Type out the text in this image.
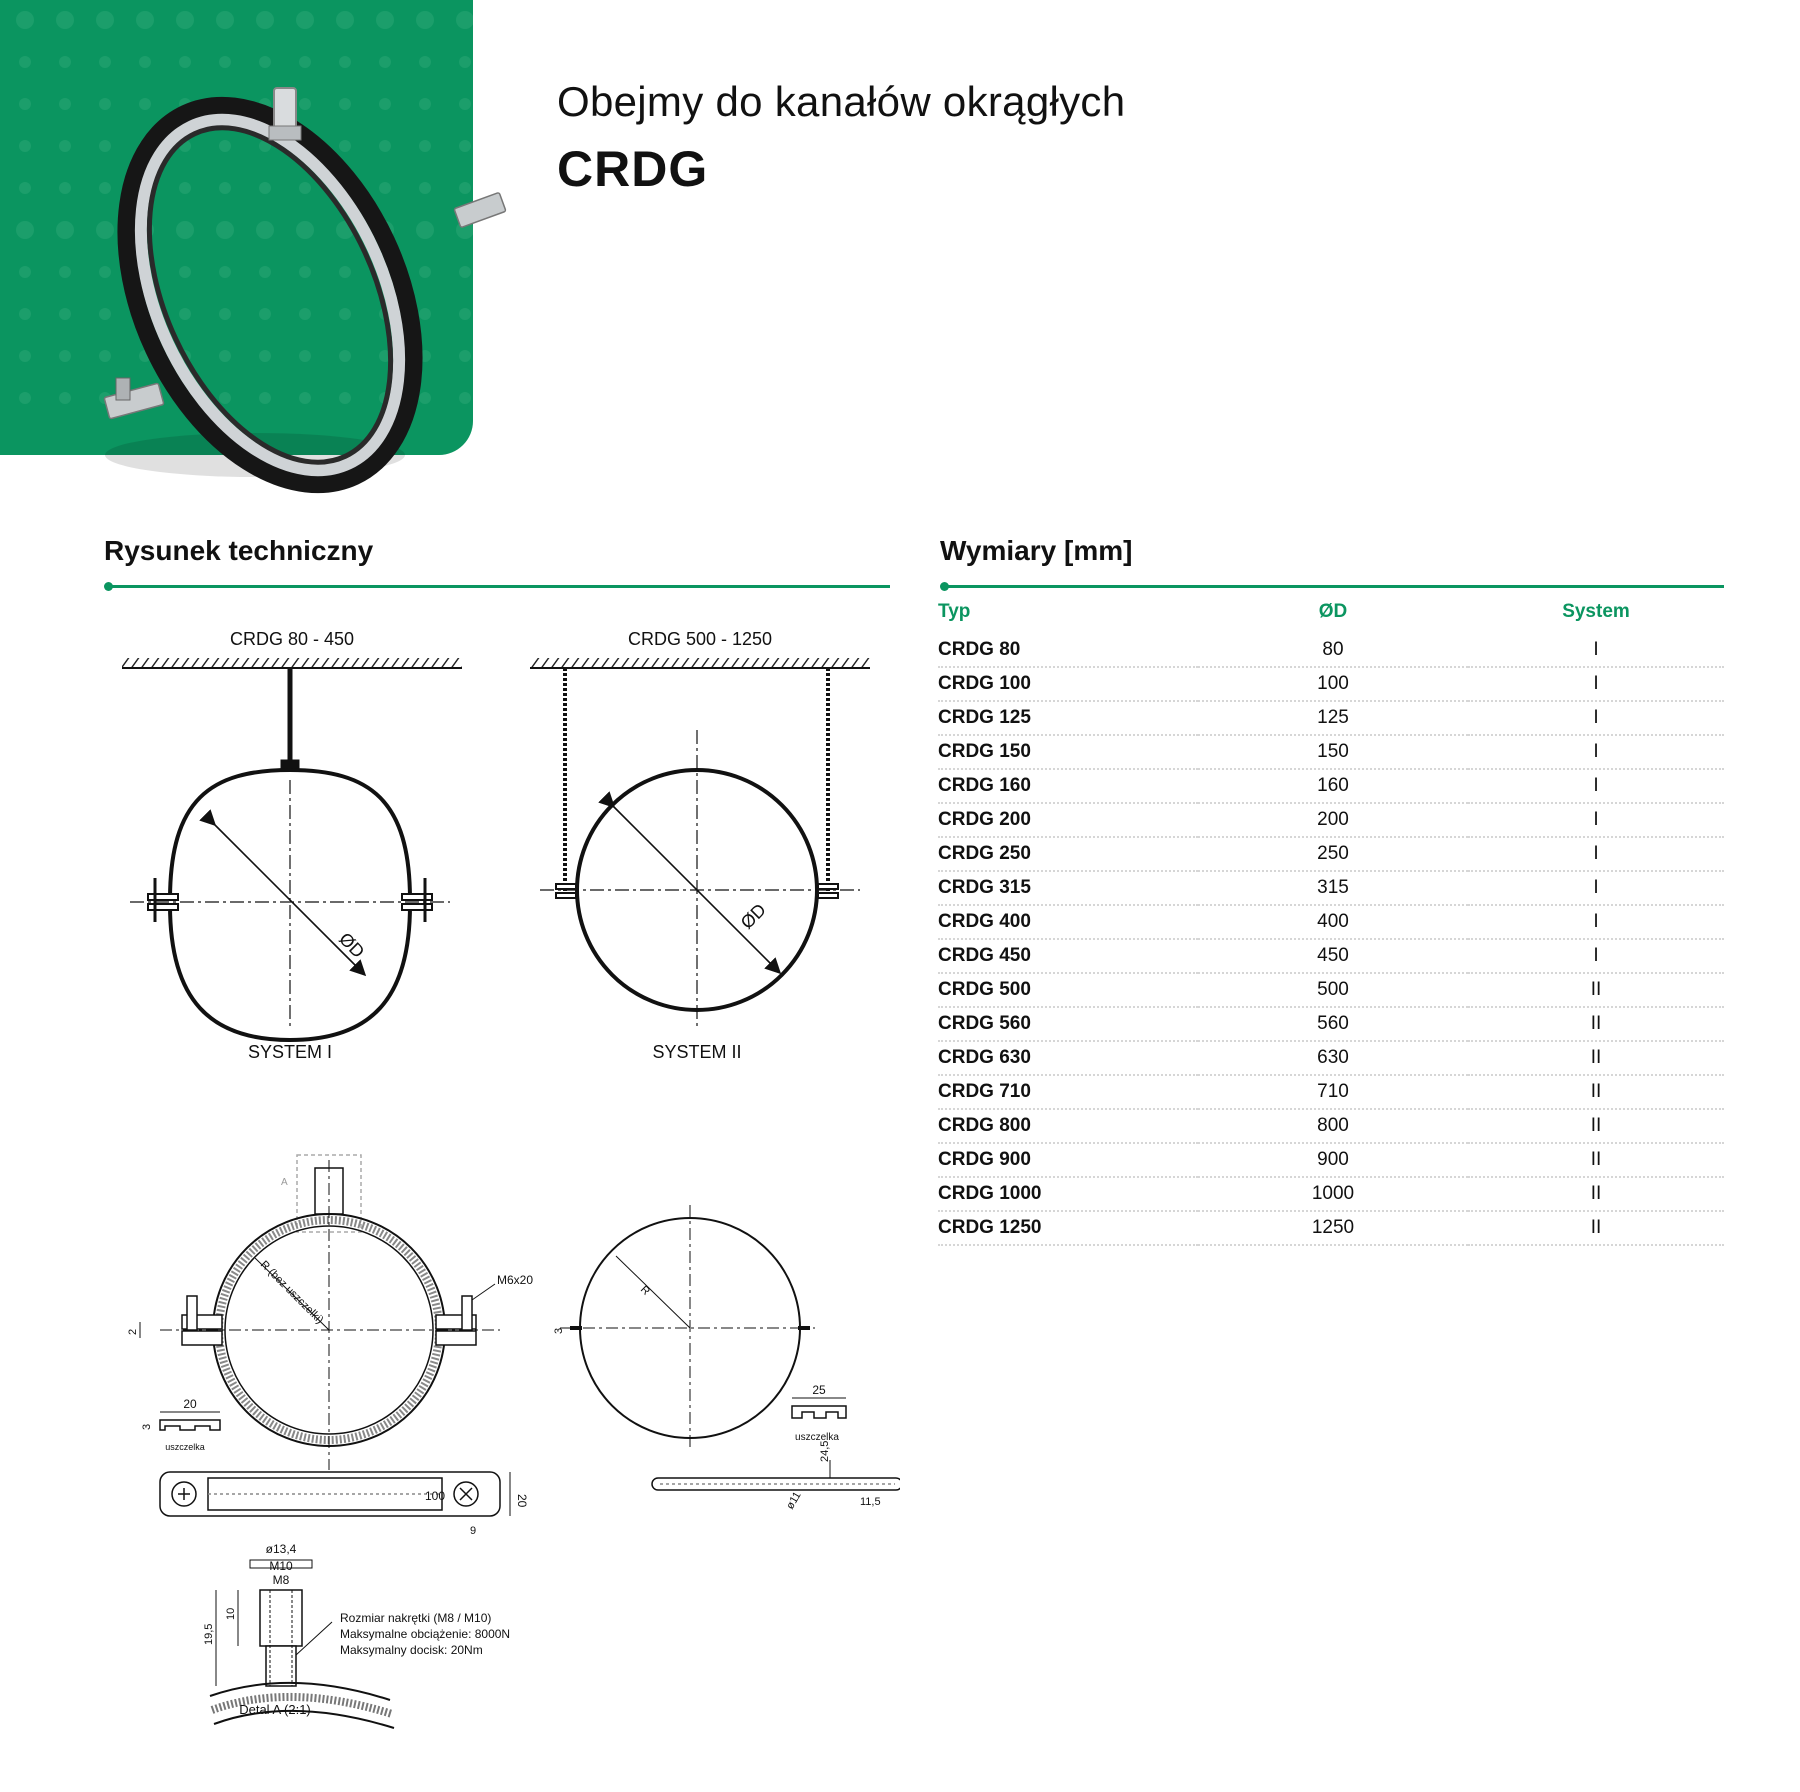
Obejmy do kanałów okrągłych

CRDG

Rysunek techniczny	Wymiary [mm]
CRDG 80 - 450
ØD
SYSTEM I
CRDG 500 - 1250
ØD
SYSTEM II
A
R (bez uszczelki)	M6x20
2
20
3
uszczelka
100	20
9
R
3
25
uszczelka
24,5
11,5
ø11
ø13,4
M10
M8
10
19,5
Rozmiar nakrętki (M8 / M10)
Maksymalne obciążenie: 8000N
Maksymalny docisk: 20Nm
Detal A (2:1)
Typ	ØD	System
CRDG 80	80	I
CRDG 100	100	I
CRDG 125	125	I
CRDG 150	150	I
CRDG 160	160	I
CRDG 200	200	I
CRDG 250	250	I
CRDG 315	315	I
CRDG 400	400	I
CRDG 450	450	I
CRDG 500	500	II
CRDG 560	560	II
CRDG 630	630	II
CRDG 710	710	II
CRDG 800	800	II
CRDG 900	900	II
CRDG 1000	1000	II
CRDG 1250	1250	II
